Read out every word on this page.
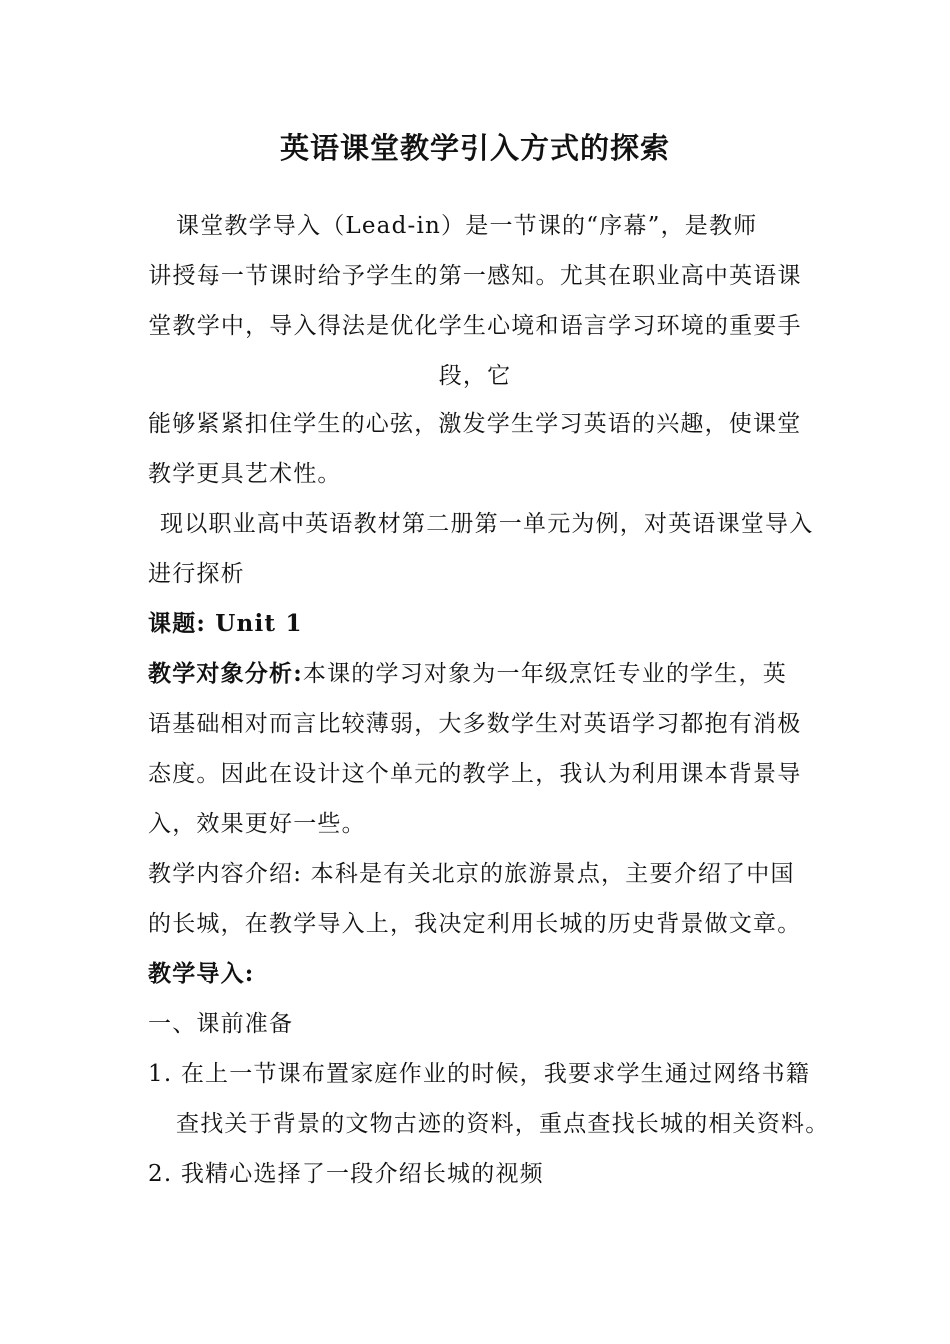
英语课堂教学引入方式的探索
课堂教学导入（Lead-in）是一节课的“序幕”，是教师
讲授每一节课时给予学生的第一感知。尤其在职业高中英语课
堂教学中，导入得法是优化学生心境和语言学习环境的重要手
段，它
能够紧紧扣住学生的心弦，激发学生学习英语的兴趣，使课堂
教学更具艺术性。
现以职业高中英语教材第二册第一单元为例，对英语课堂导入
进行探析
课题: Unit 1
教学对象分析:本课的学习对象为一年级烹饪专业的学生，英
语基础相对而言比较薄弱，大多数学生对英语学习都抱有消极
态度。因此在设计这个单元的教学上，我认为利用课本背景导
入，效果更好一些。
教学内容介绍: 本科是有关北京的旅游景点，主要介绍了中国
的长城，在教学导入上，我决定利用长城的历史背景做文章。
教学导入:
一、课前准备
1. 在上一节课布置家庭作业的时候，我要求学生通过网络书籍
查找关于背景的文物古迹的资料，重点查找长城的相关资料。
2. 我精心选择了一段介绍长城的视频
